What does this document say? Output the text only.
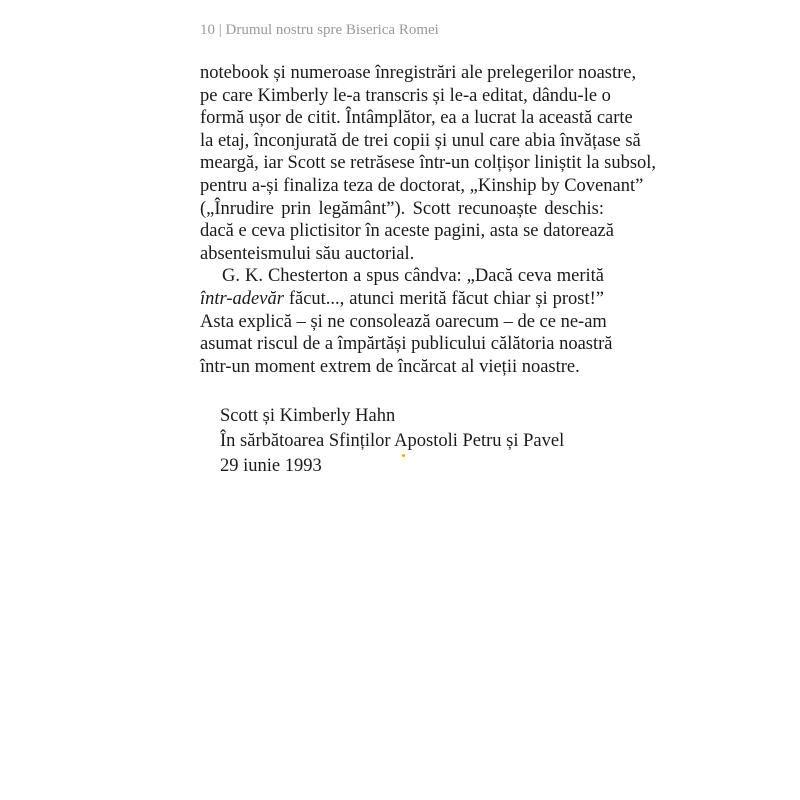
10 | Drumul nostru spre Biserica Romei
notebook și numeroase înregistrări ale prelegerilor noastre,
pe care Kimberly le-a transcris și le-a editat, dându-le o
formă ușor de citit. Întâmplător, ea a lucrat la această carte
la etaj, înconjurată de trei copii și unul care abia învățase să
meargă, iar Scott se retrăsese într-un colțișor liniștit la subsol,
pentru a-și finaliza teza de doctorat, „Kinship by Covenant”
(„Înrudire prin legământ”). Scott recunoaște deschis:
dacă e ceva plictisitor în aceste pagini, asta se datorează
absenteismului său auctorial.
G. K. Chesterton a spus cândva: „Dacă ceva merită
într-adevăr făcut..., atunci merită făcut chiar și prost!”
Asta explică – și ne consolează oarecum – de ce ne-am
asumat riscul de a împărtăși publicului călătoria noastră
într-un moment extrem de încărcat al vieții noastre.
Scott și Kimberly Hahn
În sărbătoarea Sfinților Apostoli Petru și Pavel
29 iunie 1993
